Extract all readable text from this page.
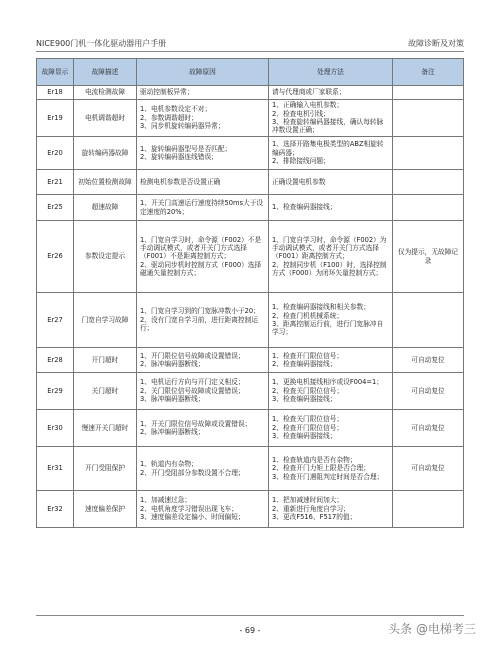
NICE900门机一体化驱动器用户手册	故障诊断及对策
故障显示	故障描述	故障原因	处理方法	备注
Er18	电流检测故障	驱动控制板异常；	请与代理商或厂家联系；	

Er19	电机调谐超时	1、电机参数设定不对；
2、参数调谐超时；
3、同步机旋转编码器异常；	1、正确输入电机参数；
2、检查电机引线；
3、检查旋转编码器接线，确认每转脉冲数设置正确；	

Er20	旋转编码器故障	1、旋转编码器型号是否匹配；
2、旋转编码器连线错误；	1、选择开路集电极类型的ABZ相旋转编码器；
2、排除接线问题；	

Er21	初始位置检测故障	检测电机参数是否设置正确	正确设置电机参数	

Er25	超速故障	1、开关门高速运行速度持续50ms大于设定速度的20%；	1、检查编码器接线；	

Er26	参数设定提示	1、门宽自学习时，命令源（F002）不是手动调试模式，或者开关门方式选择（F001）不是距离控制方式；
2、驱动同步机时控制方式（F000）选择磁通矢量控制方式；	1、门宽自学习时，命令源（F002）为手动调试模式，或者开关门方式选择（F001）距离控制方式；
2、控制同步机（F100）时，选择控制方式（F000）为闭环矢量控制方式；	仅为提示，无故障记录
Er27	门宽自学习故障	1、门宽自学习到的门宽脉冲数小于20；
2、没有门宽自学习前，进行距离控制运行；	1、检查编码器接线和相关参数；
2、检查门机机械系统；
3、距离控制运行前，进行门宽脉冲自学习；	

Er28	开门超时	1、开门限位信号故障或设置错误；
2、脉冲编码器断线；	1、检查开门限位信号；
2、检查编码器接线；	可自动复位
Er29	关门超时	1、电机运行方向与开门定义相反；
2、关门限位信号故障或设置错误；
3、脉冲编码器断线；	1、更换电机接线相序或设F004=1；
2、检查关门限位信号；
3、检查编码器接线；	可自动复位
Er30	慢速开关门超时	1、开关门限位信号故障或设置错误；
2、脉冲编码器断线；	1、检查关门限位信号；
2、检查开门限位信号；
3、检查编码器接线；	可自动复位
Er31	开门受阻保护	1、轨道内有杂物；
2、开门受阻部分参数设置不合理；	1、检查轨道内是否有杂物；
2、检查开门力矩上限是否合理；
3、检查开门遇阻判定时间是否合理；	可自动复位
Er32	速度偏差保护	1、加减速过急；
2、电机角度学习错误出现飞车；
3、速度偏差设定偏小、时间偏短；	1、把加减速时间加大；
2、重新进行角度自学习；
3、更改F516、F517的值；	

- 69 -	头条 @电梯考三
